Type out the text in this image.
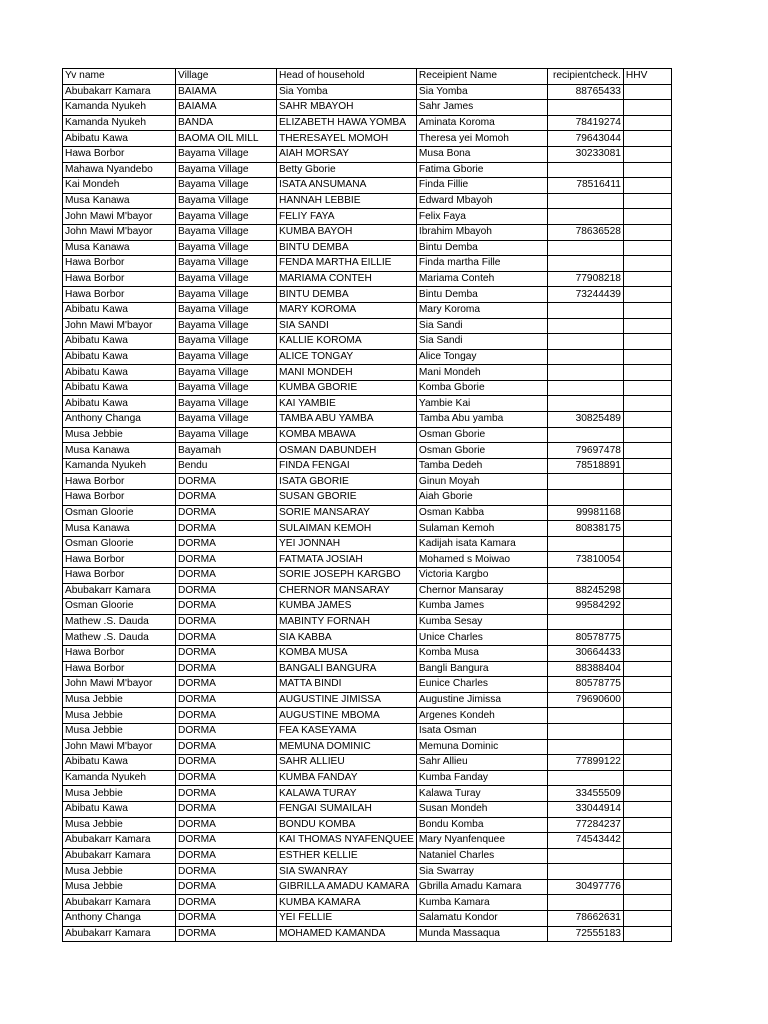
Yv name	Village	Head of household	Receipient Name	recipientcheck.	HHV
Abubakarr Kamara	BAIAMA	Sia Yomba	Sia Yomba	88765433	
Kamanda Nyukeh	BAIAMA	SAHR MBAYOH	Sahr James		
Kamanda Nyukeh	BANDA	ELIZABETH HAWA YOMBA	Aminata Koroma	78419274	
Abibatu Kawa	BAOMA OIL MILL	THERESAYEL MOMOH	Theresa yei Momoh	79643044	
Hawa Borbor	Bayama Village	AIAH MORSAY	Musa Bona	30233081	
Mahawa Nyandebo	Bayama Village	Betty Gborie	Fatima Gborie		
Kai Mondeh	Bayama Village	ISATA ANSUMANA	Finda Fillie	78516411	
Musa Kanawa	Bayama Village	HANNAH LEBBIE	Edward Mbayoh		
John Mawi M'bayor	Bayama Village	FELIY FAYA	Felix Faya		
John Mawi M'bayor	Bayama Village	KUMBA BAYOH	Ibrahim Mbayoh	78636528	
Musa Kanawa	Bayama Village	BINTU DEMBA	Bintu Demba		
Hawa Borbor	Bayama Village	FENDA MARTHA EILLIE	Finda martha Fille		
Hawa Borbor	Bayama Village	MARIAMA CONTEH	Mariama Conteh	77908218	
Hawa Borbor	Bayama Village	BINTU DEMBA	Bintu Demba	73244439	
Abibatu Kawa	Bayama Village	MARY KOROMA	Mary Koroma		
John Mawi M'bayor	Bayama Village	SIA SANDI	Sia Sandi		
Abibatu Kawa	Bayama Village	KALLIE KOROMA	Sia Sandi		
Abibatu Kawa	Bayama Village	ALICE TONGAY	Alice Tongay		
Abibatu Kawa	Bayama Village	MANI MONDEH	Mani Mondeh		
Abibatu Kawa	Bayama Village	KUMBA GBORIE	Komba Gborie		
Abibatu Kawa	Bayama Village	KAI YAMBIE	Yambie Kai		
Anthony Changa	Bayama Village	TAMBA ABU YAMBA	Tamba Abu yamba	30825489	
Musa Jebbie	Bayama Village	KOMBA MBAWA	Osman Gborie		
Musa Kanawa	Bayamah	OSMAN DABUNDEH	Osman Gborie	79697478	
Kamanda Nyukeh	Bendu	FINDA FENGAI	Tamba Dedeh	78518891	
Hawa Borbor	DORMA	ISATA GBORIE	Ginun Moyah		
Hawa Borbor	DORMA	SUSAN GBORIE	Aiah Gborie		
Osman Gloorie	DORMA	SORIE MANSARAY	Osman Kabba	99981168	
Musa Kanawa	DORMA	SULAIMAN KEMOH	Sulaman Kemoh	80838175	
Osman Gloorie	DORMA	YEI JONNAH	Kadijah isata Kamara		
Hawa Borbor	DORMA	FATMATA JOSIAH	Mohamed s Moiwao	73810054	
Hawa Borbor	DORMA	SORIE JOSEPH KARGBO	Victoria Kargbo		
Abubakarr Kamara	DORMA	CHERNOR MANSARAY	Chernor Mansaray	88245298	
Osman Gloorie	DORMA	KUMBA JAMES	Kumba James	99584292	
Mathew .S. Dauda	DORMA	MABINTY FORNAH	Kumba Sesay		
Mathew .S. Dauda	DORMA	SIA KABBA	Unice Charles	80578775	
Hawa Borbor	DORMA	KOMBA MUSA	Komba Musa	30664433	
Hawa Borbor	DORMA	BANGALI BANGURA	Bangli Bangura	88388404	
John Mawi M'bayor	DORMA	MATTA BINDI	Eunice Charles	80578775	
Musa Jebbie	DORMA	AUGUSTINE JIMISSA	Augustine Jimissa	79690600	
Musa Jebbie	DORMA	AUGUSTINE MBOMA	Argenes Kondeh		
Musa Jebbie	DORMA	FEA KASEYAMA	Isata Osman		
John Mawi M'bayor	DORMA	MEMUNA DOMINIC	Memuna Dominic		
Abibatu Kawa	DORMA	SAHR ALLIEU	Sahr Allieu	77899122	
Kamanda Nyukeh	DORMA	KUMBA FANDAY	Kumba Fanday		
Musa Jebbie	DORMA	KALAWA TURAY	Kalawa Turay	33455509	
Abibatu Kawa	DORMA	FENGAI SUMAILAH	Susan Mondeh	33044914	
Musa Jebbie	DORMA	BONDU KOMBA	Bondu Komba	77284237	
Abubakarr Kamara	DORMA	KAI THOMAS NYAFENQUEE	Mary Nyanfenquee	74543442	
Abubakarr Kamara	DORMA	ESTHER KELLIE	Nataniel Charles		
Musa Jebbie	DORMA	SIA SWANRAY	Sia Swarray		
Musa Jebbie	DORMA	GIBRILLA AMADU KAMARA	Gbrilla Amadu Kamara	30497776	
Abubakarr Kamara	DORMA	KUMBA KAMARA	Kumba Kamara		
Anthony Changa	DORMA	YEI FELLIE	Salamatu Kondor	78662631	
Abubakarr Kamara	DORMA	MOHAMED KAMANDA	Munda Massaqua	72555183	
